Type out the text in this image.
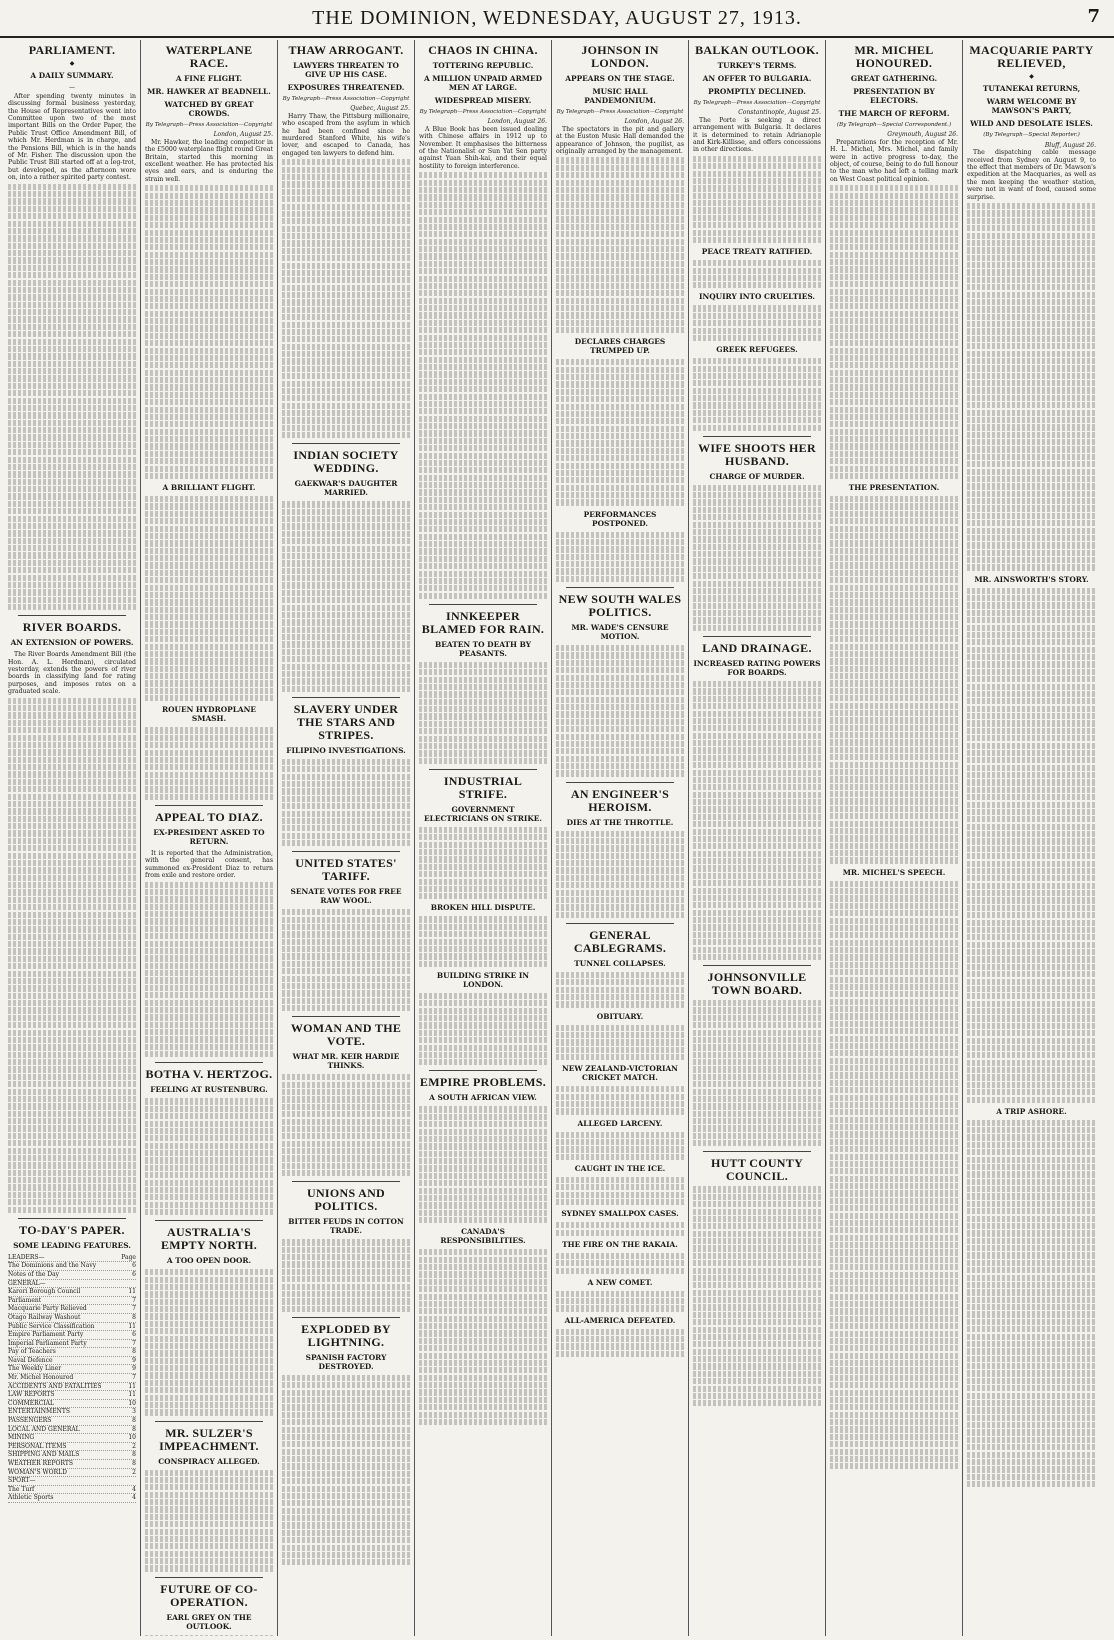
THE DOMINION, WEDNESDAY, AUGUST 27, 1913.	7
PARLIAMENT.
◆
A DAILY SUMMARY.
—

After spending twenty minutes in discussing formal business yesterday, the House of Representatives went into Committee upon two of the most important Bills on the Order Paper, the Public Trust Office Amendment Bill, of which Mr. Herdman is in charge, and the Pensions Bill, which is in the hands of Mr. Fisher. The discussion upon the Public Trust Bill started off at a leg-trot, but developed, as the afternoon wore on, into a rather spirited party contest.

RIVER BOARDS.
AN EXTENSION OF POWERS.

The River Boards Amendment Bill (the Hon. A. L. Herdman), circulated yesterday, extends the powers of river boards in classifying land for rating purposes, and imposes rates on a graduated scale.

TO-DAY'S PAPER.
SOME LEADING FEATURES.
LEADERS—	Page
The Dominions and the Navy	6
Notes of the Day	6
GENERAL—
Karori Borough Council	11
Parliament	7
Macquarie Party Relieved	7
Otago Railway Washout	8
Public Service Classification	11
Empire Parliament Party	6
Imperial Parliament Party	7
Pay of Teachers	8
Naval Defence	9
The Weekly Liner	9
Mr. Michel Honoured	7
ACCIDENTS AND FATALITIES	11
LAW REPORTS	11
COMMERCIAL	10
ENTERTAINMENTS	3
PASSENGERS	8
LOCAL AND GENERAL	8
MINING	10
PERSONAL ITEMS	2
SHIPPING AND MAILS	8
WEATHER REPORTS	8
WOMAN'S WORLD	2
SPORT—
The Turf	4
Athletic Sports	4
WATERPLANE RACE.
A FINE FLIGHT.
MR. HAWKER AT BEADNELL.
WATCHED BY GREAT CROWDS.
By Telegraph—Press Association—Copyright
London, August 25.

Mr. Hawker, the leading competitor in the £5000 waterplane flight round Great Britain, started this morning in excellent weather. He has protected his eyes and ears, and is enduring the strain well.

A BRILLIANT FLIGHT.
ROUEN HYDROPLANE SMASH.
APPEAL TO DIAZ.
EX-PRESIDENT ASKED TO RETURN.

It is reported that the Administration, with the general consent, has summoned ex-President Diaz to return from exile and restore order.

BOTHA V. HERTZOG.
FEELING AT RUSTENBURG.
AUSTRALIA'S EMPTY NORTH.
A TOO OPEN DOOR.
MR. SULZER'S IMPEACHMENT.
CONSPIRACY ALLEGED.
FUTURE OF CO-OPERATION.
EARL GREY ON THE OUTLOOK.
THAW ARROGANT.
LAWYERS THREATEN TO GIVE UP HIS CASE.
EXPOSURES THREATENED.
By Telegraph—Press Association—Copyright
Quebec, August 25.

Harry Thaw, the Pittsburg millionaire, who escaped from the asylum in which he had been confined since he murdered Stanford White, his wife's lover, and escaped to Canada, has engaged ten lawyers to defend him.

INDIAN SOCIETY WEDDING.
GAEKWAR'S DAUGHTER MARRIED.
SLAVERY UNDER THE STARS AND STRIPES.
FILIPINO INVESTIGATIONS.
UNITED STATES' TARIFF.
SENATE VOTES FOR FREE RAW WOOL.
WOMAN AND THE VOTE.
WHAT MR. KEIR HARDIE THINKS.
UNIONS AND POLITICS.
BITTER FEUDS IN COTTON TRADE.
EXPLODED BY LIGHTNING.
SPANISH FACTORY DESTROYED.
CHAOS IN CHINA.
TOTTERING REPUBLIC.
A MILLION UNPAID ARMED MEN AT LARGE.
WIDESPREAD MISERY.
By Telegraph—Press Association—Copyright
London, August 26.

A Blue Book has been issued dealing with Chinese affairs in 1912 up to November. It emphasises the bitterness of the Nationalist or Sun Yat Sen party against Yuan Shih-kai, and their equal hostility to foreign interference.

INNKEEPER BLAMED FOR RAIN.
BEATEN TO DEATH BY PEASANTS.
INDUSTRIAL STRIFE.
GOVERNMENT ELECTRICIANS ON STRIKE.
BROKEN HILL DISPUTE.
BUILDING STRIKE IN LONDON.
EMPIRE PROBLEMS.
A SOUTH AFRICAN VIEW.
CANADA'S RESPONSIBILITIES.
JOHNSON IN LONDON.
APPEARS ON THE STAGE.
MUSIC HALL PANDEMONIUM.
By Telegraph—Press Association—Copyright
London, August 26.

The spectators in the pit and gallery at the Euston Music Hall demanded the appearance of Johnson, the pugilist, as originally arranged by the management.

DECLARES CHARGES TRUMPED UP.
PERFORMANCES POSTPONED.
NEW SOUTH WALES POLITICS.
MR. WADE'S CENSURE MOTION.
AN ENGINEER'S HEROISM.
DIES AT THE THROTTLE.
GENERAL CABLEGRAMS.
TUNNEL COLLAPSES.
OBITUARY.
NEW ZEALAND-VICTORIAN CRICKET MATCH.
ALLEGED LARCENY.
CAUGHT IN THE ICE.
SYDNEY SMALLPOX CASES.
THE FIRE ON THE RAKAIA.
A NEW COMET.
ALL-AMERICA DEFEATED.
BALKAN OUTLOOK.
TURKEY'S TERMS.
AN OFFER TO BULGARIA.
PROMPTLY DECLINED.
By Telegraph—Press Association—Copyright
Constantinople, August 25.

The Porte is seeking a direct arrangement with Bulgaria. It declares it is determined to retain Adrianople and Kirk-Killisse, and offers concessions in other directions.

PEACE TREATY RATIFIED.
INQUIRY INTO CRUELTIES.
GREEK REFUGEES.
WIFE SHOOTS HER HUSBAND.
CHARGE OF MURDER.
LAND DRAINAGE.
INCREASED RATING POWERS FOR BOARDS.
JOHNSONVILLE TOWN BOARD.
HUTT COUNTY COUNCIL.
MR. MICHEL HONOURED.
GREAT GATHERING.
PRESENTATION BY ELECTORS.
THE MARCH OF REFORM.
(By Telegraph—Special Correspondent.)
Greymouth, August 26.

Preparations for the reception of Mr. H. L. Michel, Mrs. Michel, and family were in active progress to-day, the object, of course, being to do full honour to the man who had left a telling mark on West Coast political opinion.

THE PRESENTATION.
MR. MICHEL'S SPEECH.
MACQUARIE PARTY RELIEVED,
◆
TUTANEKAI RETURNS,
WARM WELCOME BY MAWSON'S PARTY,
WILD AND DESOLATE ISLES.
(By Telegraph—Special Reporter.)
Bluff, August 26.

The dispatching cable message received from Sydney on August 9, to the effect that members of Dr. Mawson's expedition at the Macquaries, as well as the men keeping the weather station, were not in want of food, caused some surprise.

MR. AINSWORTH'S STORY.
A TRIP ASHORE.
